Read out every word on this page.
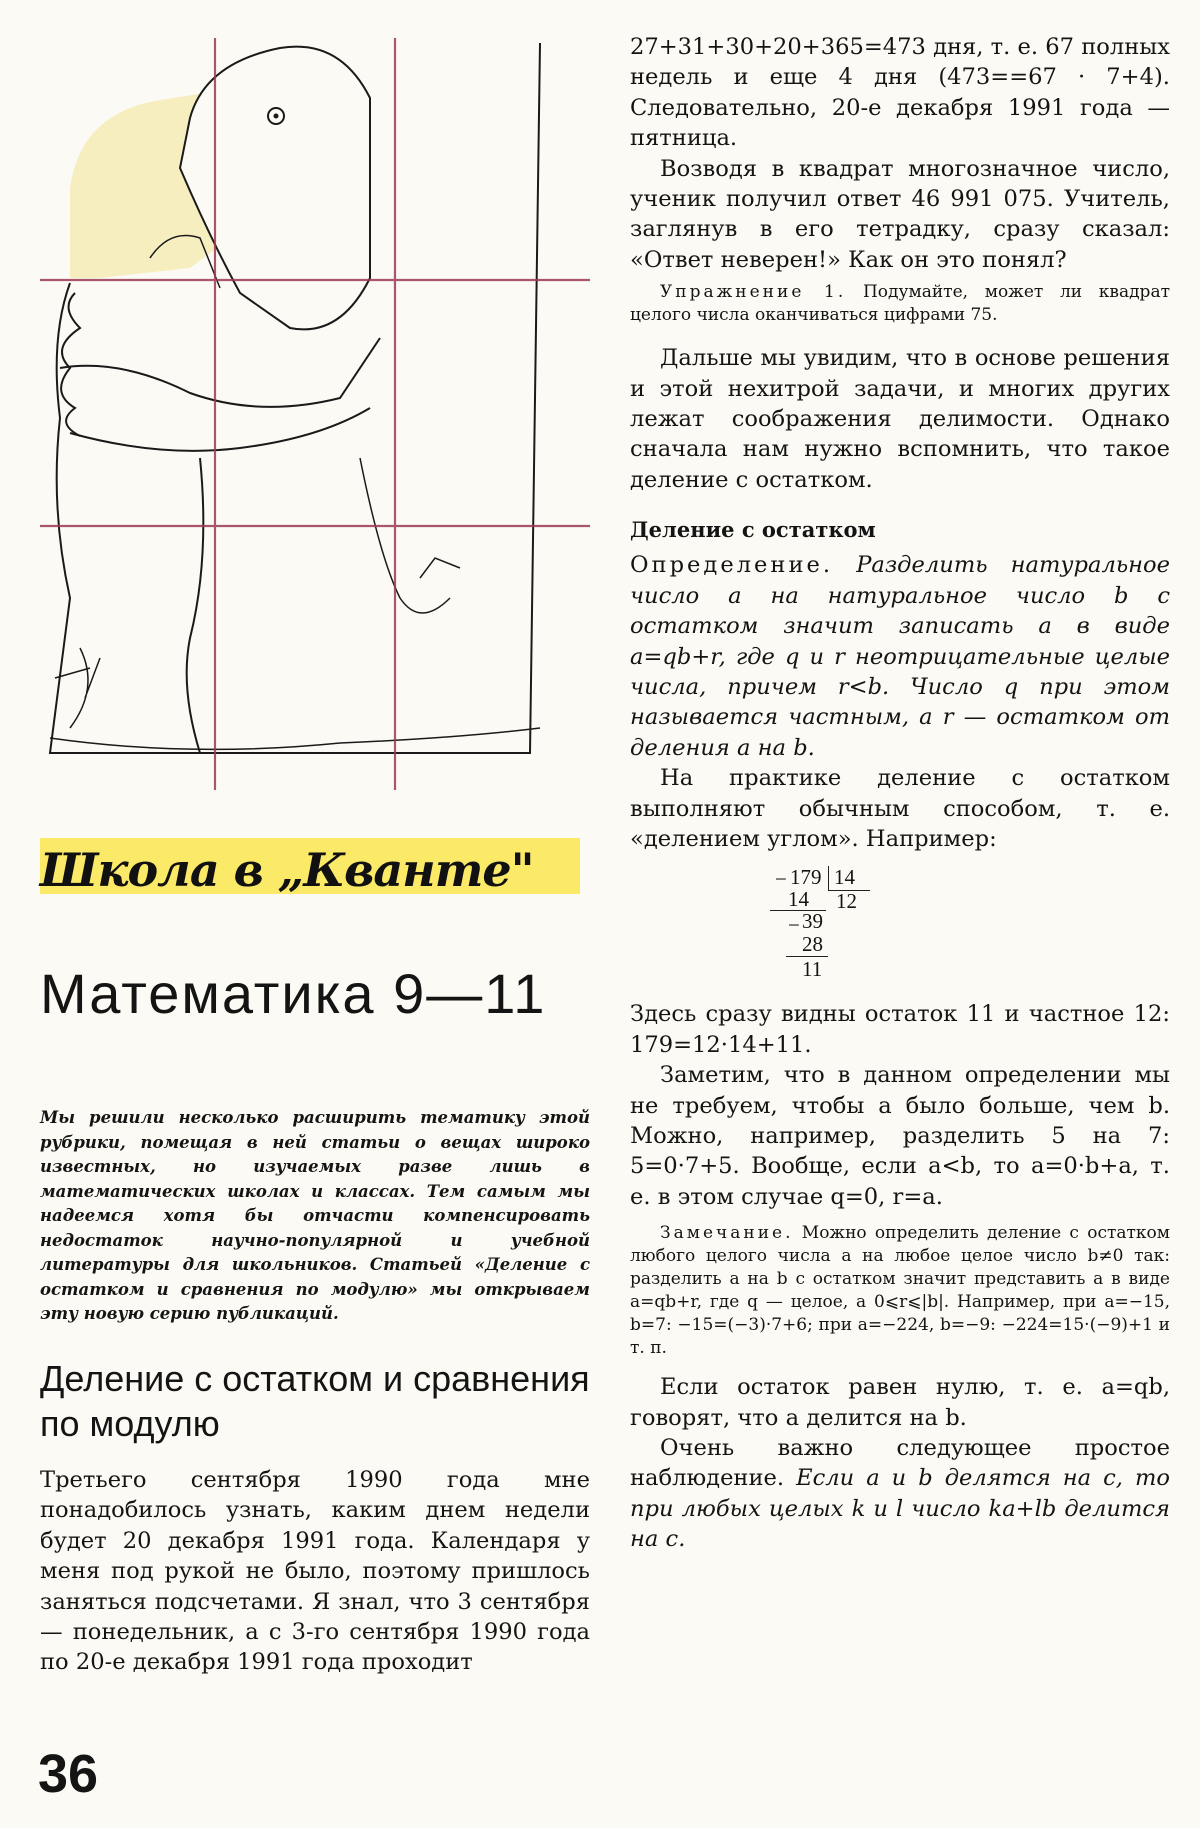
Школа в „Кванте"
Математика 9—11

Мы решили несколько расширить тематику этой рубрики, помещая в ней статьи о вещах широко известных, но изучаемых разве лишь в математических школах и классах. Тем самым мы надеемся хотя бы отчасти компенсировать недостаток научно-популярной и учебной литературы для школьников. Статьей «Деление с остатком и сравнения по модулю» мы открываем эту новую серию публикаций.

Деление с остатком и сравнения по модулю

Третьего сентября 1990 года мне понадобилось узнать, каким днем недели будет 20 декабря 1991 года. Календаря у меня под рукой не было, поэтому пришлось заняться подсчетами. Я знал, что 3 сентября — понедельник, а с 3-го сентября 1990 года по 20-е декабря 1991 года проходит

36

27+31+30+20+365=473 дня, т. е. 67 полных недель и еще 4 дня (473==67 · 7+4). Следовательно, 20-е декабря 1991 года — пятница.

Возводя в квадрат многозначное число, ученик получил ответ 46 991 075. Учитель, заглянув в его тетрадку, сразу сказал: «Ответ неверен!» Как он это понял?

Упражнение 1. Подумайте, может ли квадрат целого числа оканчиваться цифрами 75.

Дальше мы увидим, что в основе решения и этой нехитрой задачи, и многих других лежат соображения делимости. Однако сначала нам нужно вспомнить, что такое деление с остатком.

Деление с остатком

Определение. Разделить натуральное число a на натуральное число b с остатком значит записать a в виде a=qb+r, где q и r неотрицательные целые числа, причем r<b. Число q при этом называется частным, а r — остатком от деления a на b.

На практике деление с остатком выполняют обычным способом, т. е. «делением углом». Например:

− 179 14
14 12
− 39
28
11

Здесь сразу видны остаток 11 и частное 12: 179=12·14+11.

Заметим, что в данном определении мы не требуем, чтобы a было больше, чем b. Можно, например, разделить 5 на 7: 5=0·7+5. Вообще, если a<b, то a=0·b+a, т. е. в этом случае q=0, r=a.

Замечание. Можно определить деление с остатком любого целого числа a на любое целое число b≠0 так: разделить a на b с остатком значит представить a в виде a=qb+r, где q — целое, a 0⩽r⩽|b|. Например, при a=−15, b=7: −15=(−3)·7+6; при a=−224, b=−9: −224=15·(−9)+1 и т. п.

Если остаток равен нулю, т. е. a=qb, говорят, что a делится на b.

Очень важно следующее простое наблюдение. Если a и b делятся на c, то при любых целых k и l число ka+lb делится на c.
